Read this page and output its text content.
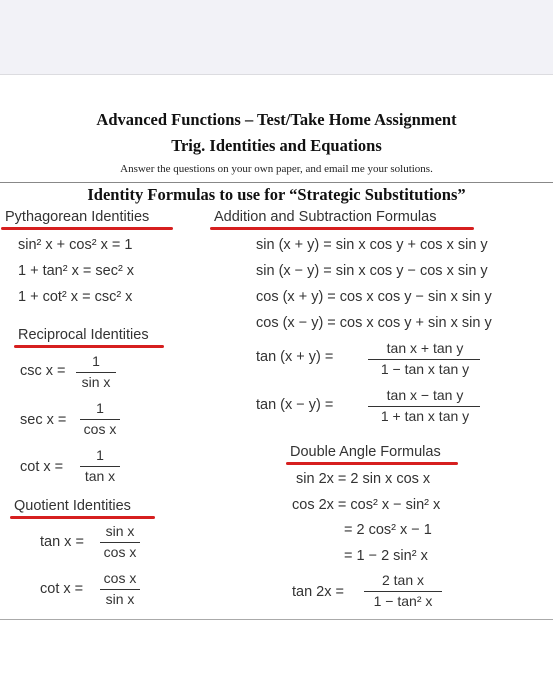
Advanced Functions – Test/Take Home Assignment
Trig. Identities and Equations
Answer the questions on your own paper, and email me your solutions.
Identity Formulas to use for “Strategic Substitutions”
Pythagorean Identities
sin² x + cos² x = 1
1 + tan² x = sec² x
1 + cot² x = csc² x
Addition and Subtraction Formulas
sin (x + y) = sin x cos y + cos x sin y
sin (x − y) = sin x cos y − cos x sin y
cos (x + y) = cos x cos y − sin x sin y
cos (x − y) = cos x cos y + sin x sin y
tan (x + y) =
tan x + tan y
1 − tan x tan y
tan (x − y) =
tan x − tan y
1 + tan x tan y
Reciprocal Identities
csc x =
1
sin x
sec x =
1
cos x
cot x =
1
tan x
Quotient Identities
tan x =
sin x
cos x
cot x =
cos x
sin x
Double Angle Formulas
sin 2x = 2 sin x cos x
cos 2x = cos² x − sin² x
= 2 cos² x − 1
= 1 − 2 sin² x
tan 2x =
2 tan x
1 − tan² x
